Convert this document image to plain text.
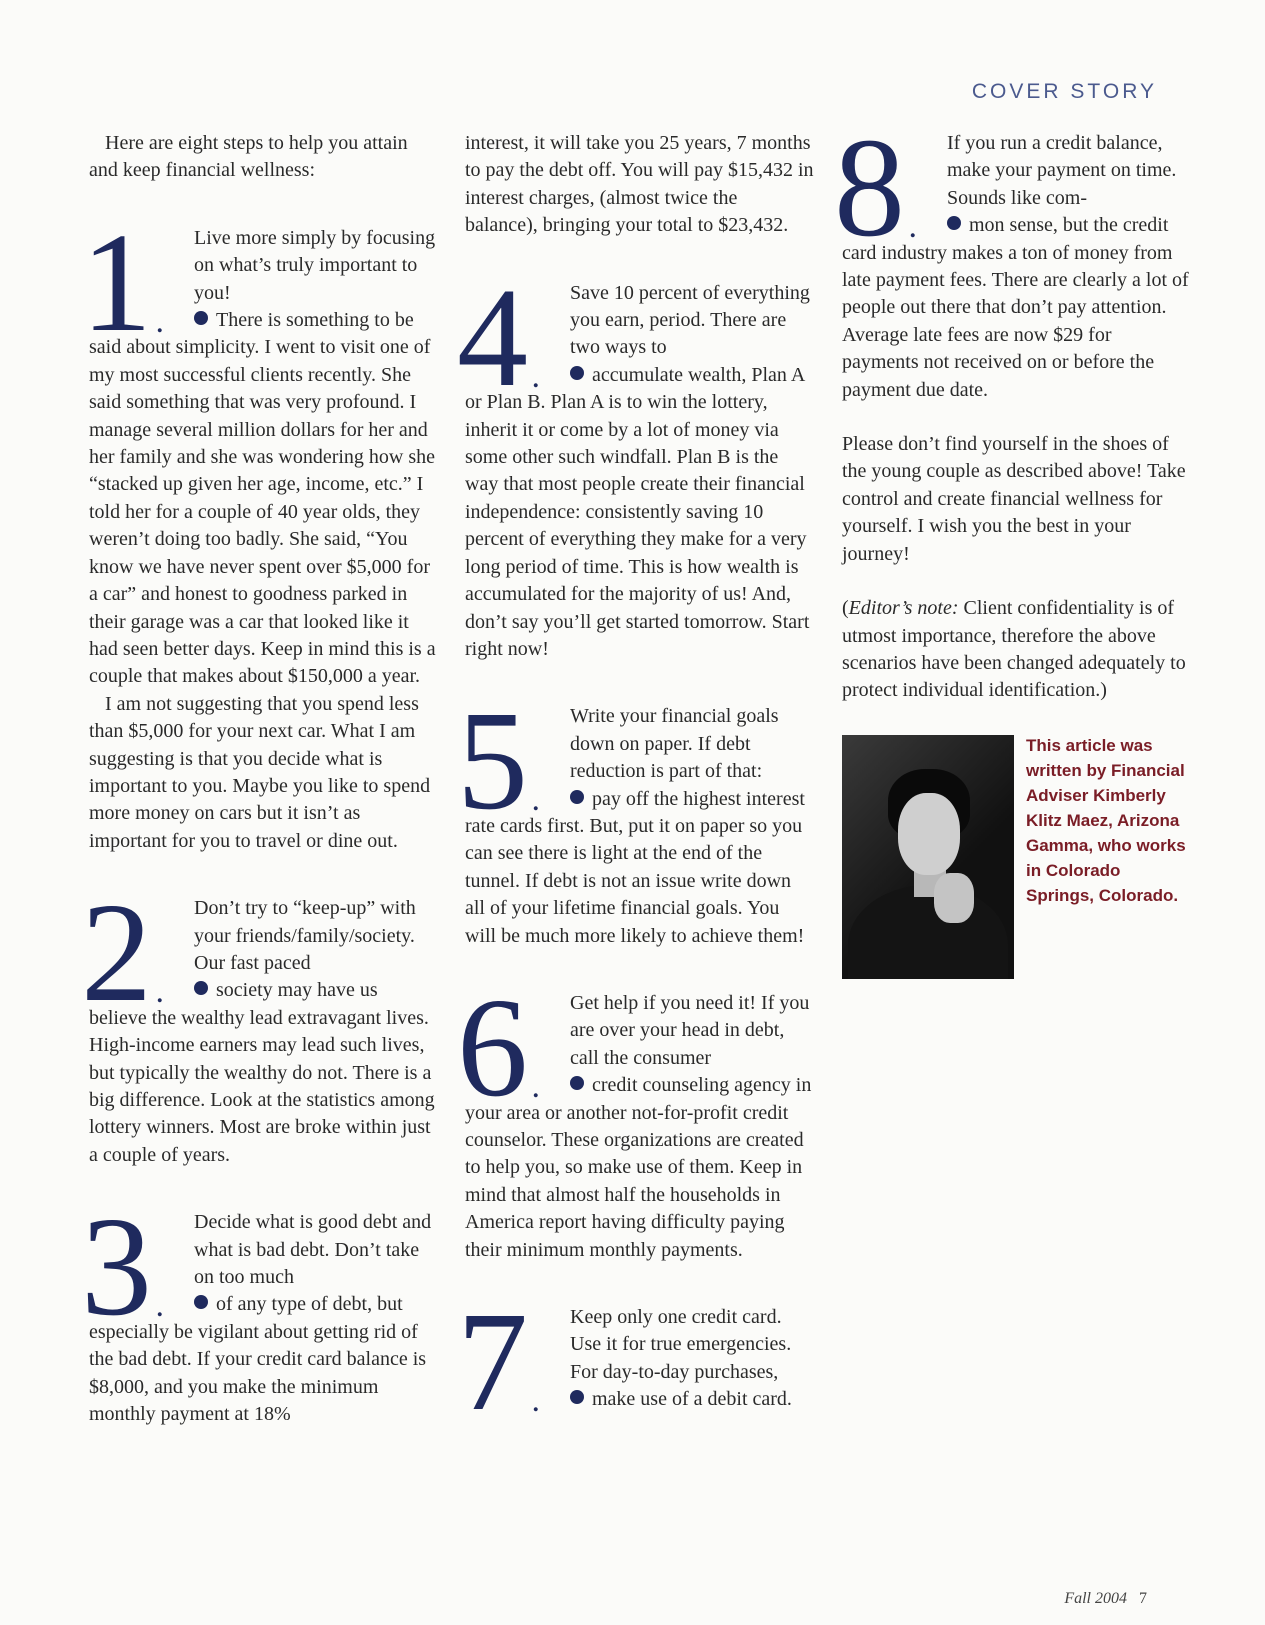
COVER STORY

Here are eight steps to help you attain and keep financial wellness:

1 .

Live more simply by focusing on what’s truly important to you!

There is something to be said about simplicity. I went to visit one of my most successful clients recently. She said something that was very profound. I manage several million dollars for her and her family and she was wondering how she “stacked up given her age, income, etc.” I told her for a couple of 40 year olds, they weren’t doing too badly. She said, “You know we have never spent over $5,000 for a car” and honest to goodness parked in their garage was a car that looked like it had seen better days. Keep in mind this is a couple that makes about $150,000 a year.

I am not suggesting that you spend less than $5,000 for your next car. What I am suggesting is that you decide what is important to you. Maybe you like to spend more money on cars but it isn’t as important for you to travel or dine out.

2 .

Don’t try to “keep-up” with your friends/family/society. Our fast paced

society may have us believe the wealthy lead extravagant lives. High-income earners may lead such lives, but typically the wealthy do not. There is a big difference. Look at the statistics among lottery winners. Most are broke within just a couple of years.

3 .

Decide what is good debt and what is bad debt. Don’t take on too much

of any type of debt, but especially be vigilant about getting rid of the bad debt. If your credit card balance is $8,000, and you make the minimum monthly payment at 18%

interest, it will take you 25 years, 7 months to pay the debt off. You will pay $15,432 in interest charges, (almost twice the balance), bringing your total to $23,432.

4 .

Save 10 percent of everything you earn, period. There are two ways to

accumulate wealth, Plan A or Plan B. Plan A is to win the lottery, inherit it or come by a lot of money via some other such windfall. Plan B is the way that most people create their financial independence: consistently saving 10 percent of everything they make for a very long period of time. This is how wealth is accumulated for the majority of us! And, don’t say you’ll get started tomorrow. Start right now!

5 .

Write your financial goals down on paper. If debt reduction is part of that:

pay off the highest interest rate cards first. But, put it on paper so you can see there is light at the end of the tunnel. If debt is not an issue write down all of your lifetime financial goals. You will be much more likely to achieve them!

6 .

Get help if you need it! If you are over your head in debt, call the consumer

credit counseling agency in your area or another not-for-profit credit counselor. These organizations are created to help you, so make use of them. Keep in mind that almost half the households in America report having difficulty paying their minimum monthly payments.

7 .

Keep only one credit card. Use it for true emergencies. For day-to-day purchases,

make use of a debit card.

8 .

If you run a credit balance, make your payment on time. Sounds like com-

mon sense, but the credit card industry makes a ton of money from late payment fees. There are clearly a lot of people out there that don’t pay attention. Average late fees are now $29 for payments not received on or before the payment due date.

Please don’t find yourself in the shoes of the young couple as described above! Take control and create financial wellness for yourself. I wish you the best in your journey!

(Editor’s note: Client confidentiality is of utmost importance, therefore the above scenarios have been changed adequately to protect individual identification.)

This article was written by Financial Adviser Kimberly Klitz Maez, Arizona Gamma, who works in Colorado Springs, Colorado.
Fall 2004 7
